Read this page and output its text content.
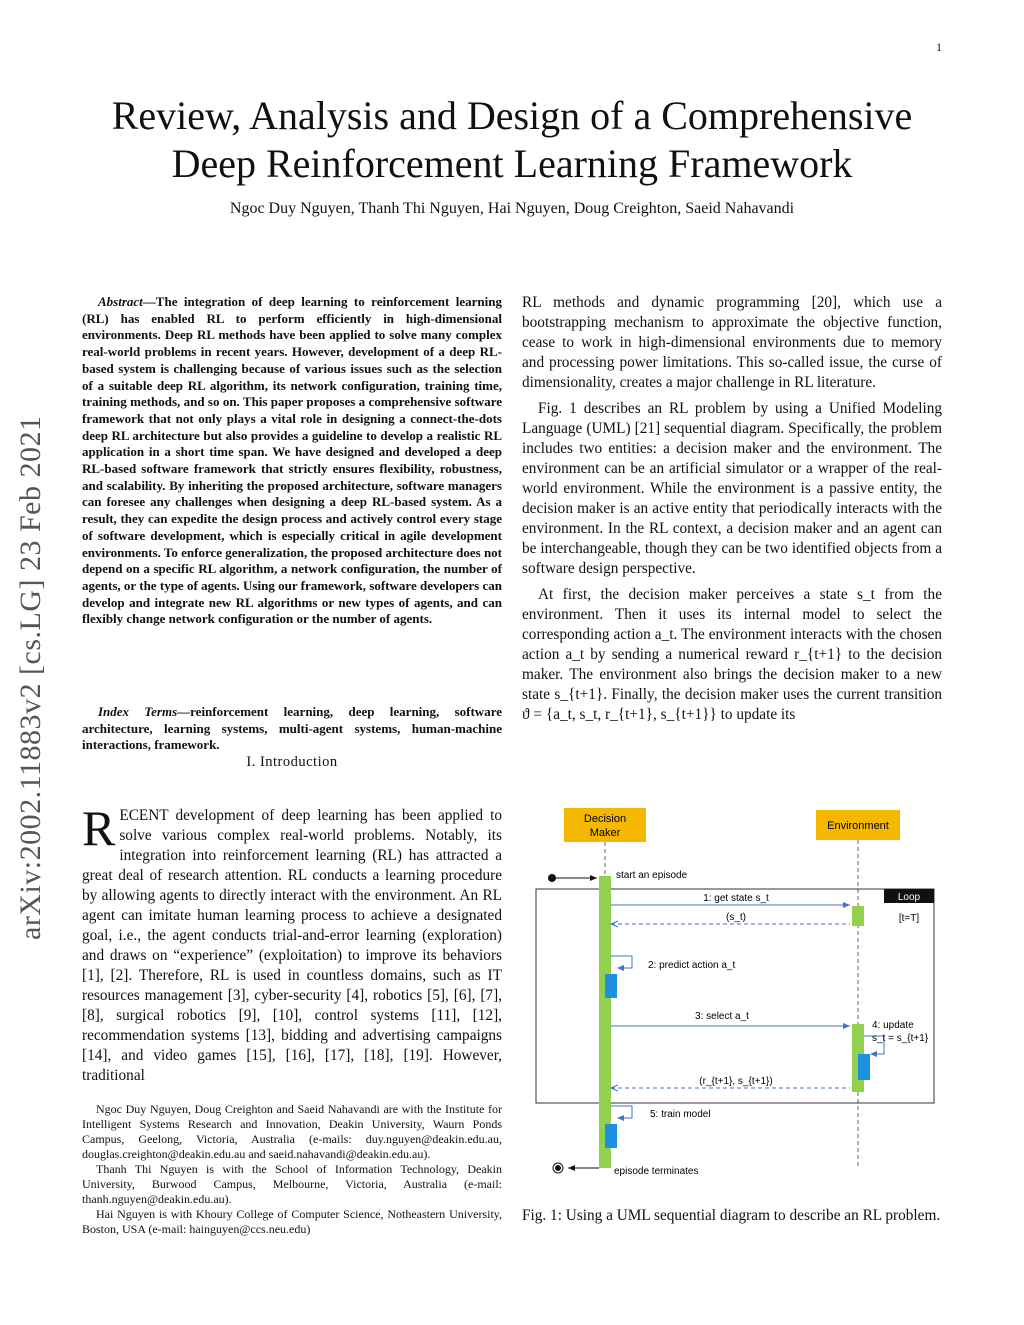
1
Review, Analysis and Design of a Comprehensive
Deep Reinforcement Learning Framework
Ngoc Duy Nguyen, Thanh Thi Nguyen, Hai Nguyen, Doug Creighton, Saeid Nahavandi
arXiv:2002.11883v2 [cs.LG] 23 Feb 2021
Abstract—The integration of deep learning to reinforcement learning (RL) has enabled RL to perform efficiently in high-dimensional environments. Deep RL methods have been applied to solve many complex real-world problems in recent years. However, development of a deep RL-based system is challenging because of various issues such as the selection of a suitable deep RL algorithm, its network configuration, training time, training methods, and so on. This paper proposes a comprehensive software framework that not only plays a vital role in designing a connect-the-dots deep RL architecture but also provides a guideline to develop a realistic RL application in a short time span. We have designed and developed a deep RL-based software framework that strictly ensures flexibility, robustness, and scalability. By inheriting the proposed architecture, software managers can foresee any challenges when designing a deep RL-based system. As a result, they can expedite the design process and actively control every stage of software development, which is especially critical in agile development environments. To enforce generalization, the proposed architecture does not depend on a specific RL algorithm, a network configuration, the number of agents, or the type of agents. Using our framework, software developers can develop and integrate new RL algorithms or new types of agents, and can flexibly change network configuration or the number of agents.
Index Terms—reinforcement learning, deep learning, software architecture, learning systems, multi-agent systems, human-machine interactions, framework.
I. Introduction
RECENT development of deep learning has been applied to solve various complex real-world problems. Notably, its integration into reinforcement learning (RL) has attracted a great deal of research attention. RL conducts a learning procedure by allowing agents to directly interact with the environment. An RL agent can imitate human learning process to achieve a designated goal, i.e., the agent conducts trial-and-error learning (exploration) and draws on “experience” (exploitation) to improve its behaviors [1], [2]. Therefore, RL is used in countless domains, such as IT resources management [3], cyber-security [4], robotics [5], [6], [7], [8], surgical robotics [9], [10], control systems [11], [12], recommendation systems [13], bidding and advertising campaigns [14], and video games [15], [16], [17], [18], [19]. However, traditional

Ngoc Duy Nguyen, Doug Creighton and Saeid Nahavandi are with the Institute for Intelligent Systems Research and Innovation, Deakin University, Waurn Ponds Campus, Geelong, Victoria, Australia (e-mails: duy.nguyen@deakin.edu.au, douglas.creighton@deakin.edu.au and saeid.nahavandi@deakin.edu.au).

Thanh Thi Nguyen is with the School of Information Technology, Deakin University, Burwood Campus, Melbourne, Victoria, Australia (e-mail: thanh.nguyen@deakin.edu.au).

Hai Nguyen is with Khoury College of Computer Science, Notheastern University, Boston, USA (e-mail: hainguyen@ccs.neu.edu)

RL methods and dynamic programming [20], which use a bootstrapping mechanism to approximate the objective function, cease to work in high-dimensional environments due to memory and processing power limitations. This so-called issue, the curse of dimensionality, creates a major challenge in RL literature.

Fig. 1 describes an RL problem by using a Unified Modeling Language (UML) [21] sequential diagram. Specifically, the problem includes two entities: a decision maker and the environment. The environment can be an artificial simulator or a wrapper of the real-world environment. While the environment is a passive entity, the decision maker is an active entity that periodically interacts with the environment. In the RL context, a decision maker and an agent can be interchangeable, though they can be two identified objects from a software design perspective.

At first, the decision maker perceives a state s_t from the environment. Then it uses its internal model to select the corresponding action a_t. The environment interacts with the chosen action a_t by sending a numerical reward r_{t+1} to the decision maker. The environment also brings the decision maker to a new state s_{t+1}. Finally, the decision maker uses the current transition ϑ = {a_t, s_t, r_{t+1}, s_{t+1}} to update its

Decision
Maker
Environment
Loop
[t=T]
start an episode
1: get state s_t
(s_t)
2: predict action a_t
3: select a_t
4: update
s_t = s_{t+1}
(r_{t+1}, s_{t+1})
5: train model
episode terminates
Fig. 1: Using a UML sequential diagram to describe an RL problem.
